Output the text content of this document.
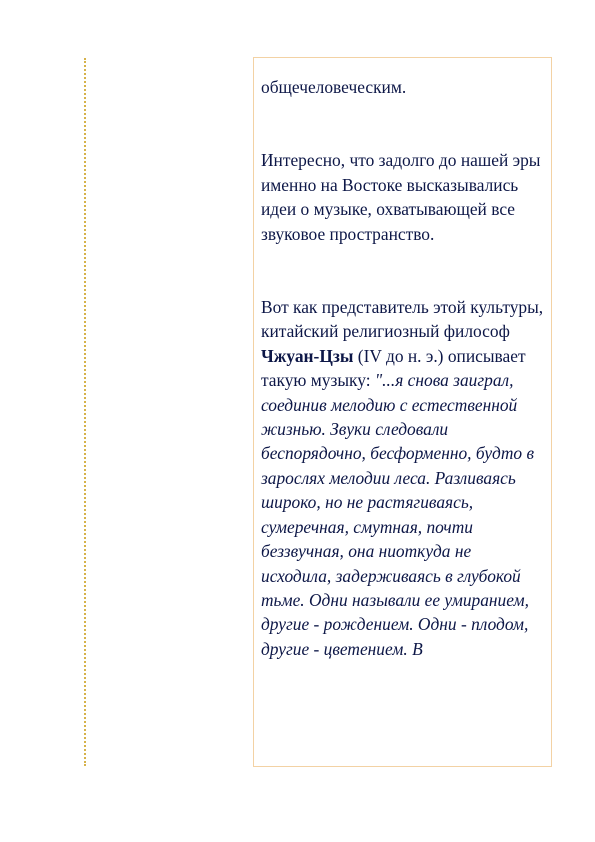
общечеловеческим.

Интересно, что задолго до нашей эры именно на Востоке высказывались идеи о музыке, охватывающей все звуковое пространство.

Вот как представитель этой культуры, китайский религиозный философ Чжуан-Цзы (IV до н. э.) описывает такую музыку: "...я снова заиграл, соединив мелодию с естественной жизнью. Звуки следовали беспорядочно, бесформенно, будто в зарослях мелодии леса. Разливаясь широко, но не растягиваясь, сумеречная, смутная, почти беззвучная, она ниоткуда не исходила, задерживаясь в глубокой тьме. Одни называли ее умиранием, другие - рождением. Одни - плодом, другие - цветением. В
